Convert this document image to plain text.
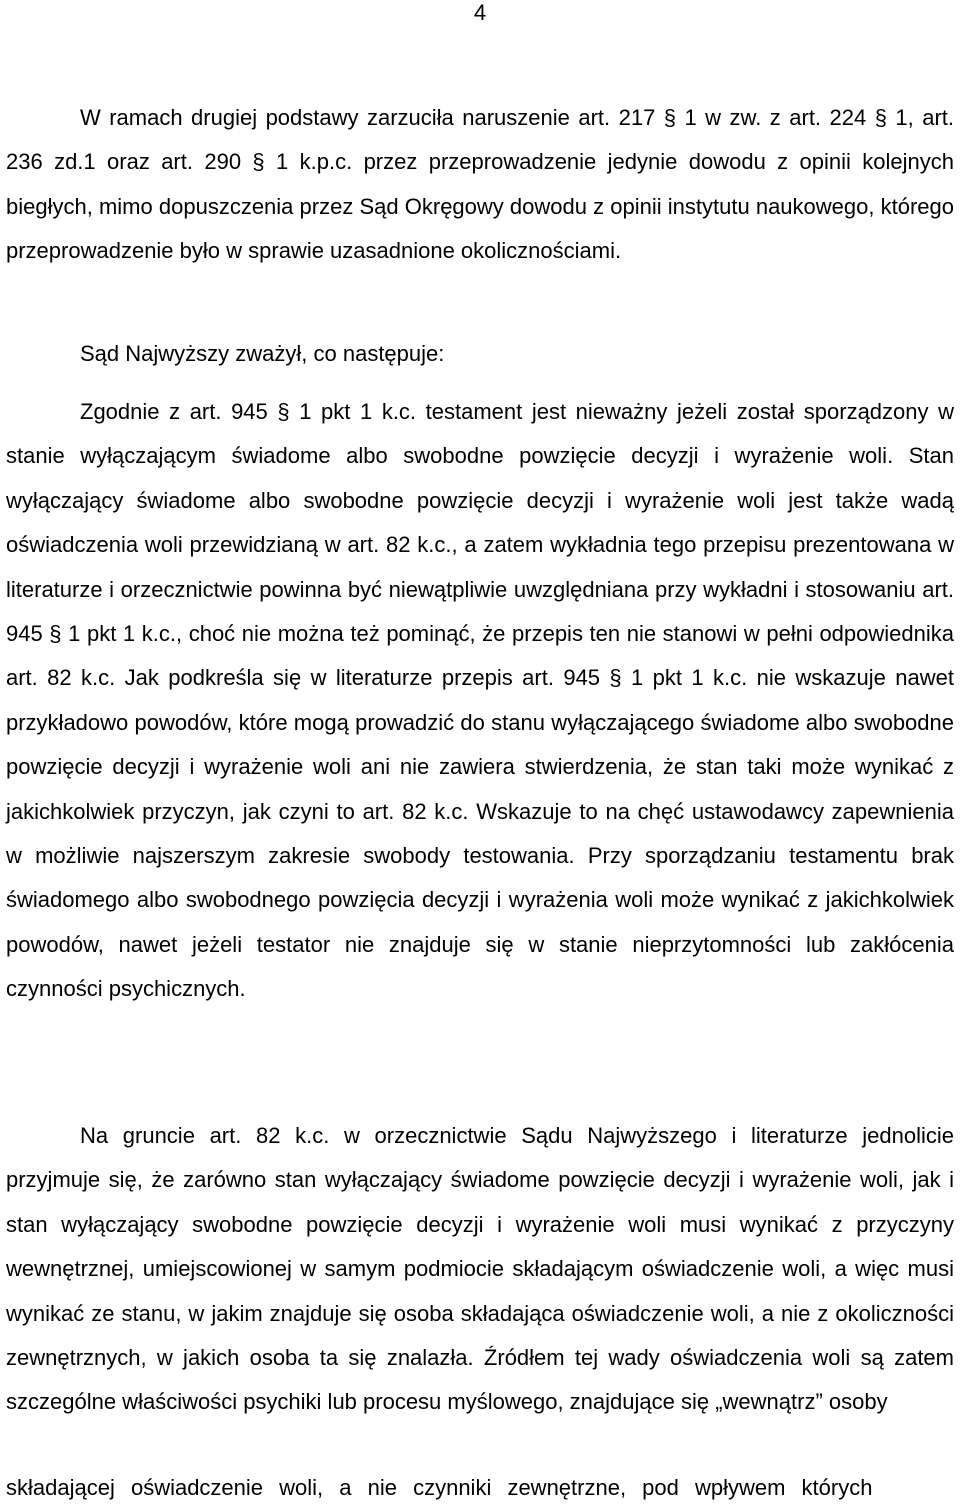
4

W ramach drugiej podstawy zarzuciła naruszenie art. 217 § 1 w zw. z art. 224 § 1, art. 236 zd.1 oraz art. 290 § 1 k.p.c. przez przeprowadzenie jedynie dowodu z opinii kolejnych biegłych, mimo dopuszczenia przez Sąd Okręgowy dowodu z opinii instytutu naukowego, którego przeprowadzenie było w sprawie uzasadnione okolicznościami.

Sąd Najwyższy zważył, co następuje:

Zgodnie z art. 945 § 1 pkt 1 k.c. testament jest nieważny jeżeli został sporządzony w stanie wyłączającym świadome albo swobodne powzięcie decyzji i wyrażenie woli. Stan wyłączający świadome albo swobodne powzięcie decyzji i wyrażenie woli jest także wadą oświadczenia woli przewidzianą w art. 82 k.c., a zatem wykładnia tego przepisu prezentowana w literaturze i orzecznictwie powinna być niewątpliwie uwzględniana przy wykładni i stosowaniu art. 945 § 1 pkt 1 k.c., choć nie można też pominąć, że przepis ten nie stanowi w pełni odpowiednika art. 82 k.c. Jak podkreśla się w literaturze przepis art. 945 § 1 pkt 1 k.c. nie wskazuje nawet przykładowo powodów, które mogą prowadzić do stanu wyłączającego świadome albo swobodne powzięcie decyzji i wyrażenie woli ani nie zawiera stwierdzenia, że stan taki może wynikać z jakichkolwiek przyczyn, jak czyni to art. 82 k.c. Wskazuje to na chęć ustawodawcy zapewnienia w możliwie najszerszym zakresie swobody testowania. Przy sporządzaniu testamentu brak świadomego albo swobodnego powzięcia decyzji i wyrażenia woli może wynikać z jakichkolwiek powodów, nawet jeżeli testator nie znajduje się w stanie nieprzytomności lub zakłócenia czynności psychicznych.

Na gruncie art. 82 k.c. w orzecznictwie Sądu Najwyższego i literaturze jednolicie przyjmuje się, że zarówno stan wyłączający świadome powzięcie decyzji i wyrażenie woli, jak i stan wyłączający swobodne powzięcie decyzji i wyrażenie woli musi wynikać z przyczyny wewnętrznej, umiejscowionej w samym podmiocie składającym oświadczenie woli, a więc musi wynikać ze stanu, w jakim znajduje się osoba składająca oświadczenie woli, a nie z okoliczności zewnętrznych, w jakich osoba ta się znalazła. Źródłem tej wady oświadczenia woli są zatem szczególne właściwości psychiki lub procesu myślowego, znajdujące się „wewnątrz” osoby

składającej oświadczenie woli, a nie czynniki zewnętrzne, pod wpływem których
